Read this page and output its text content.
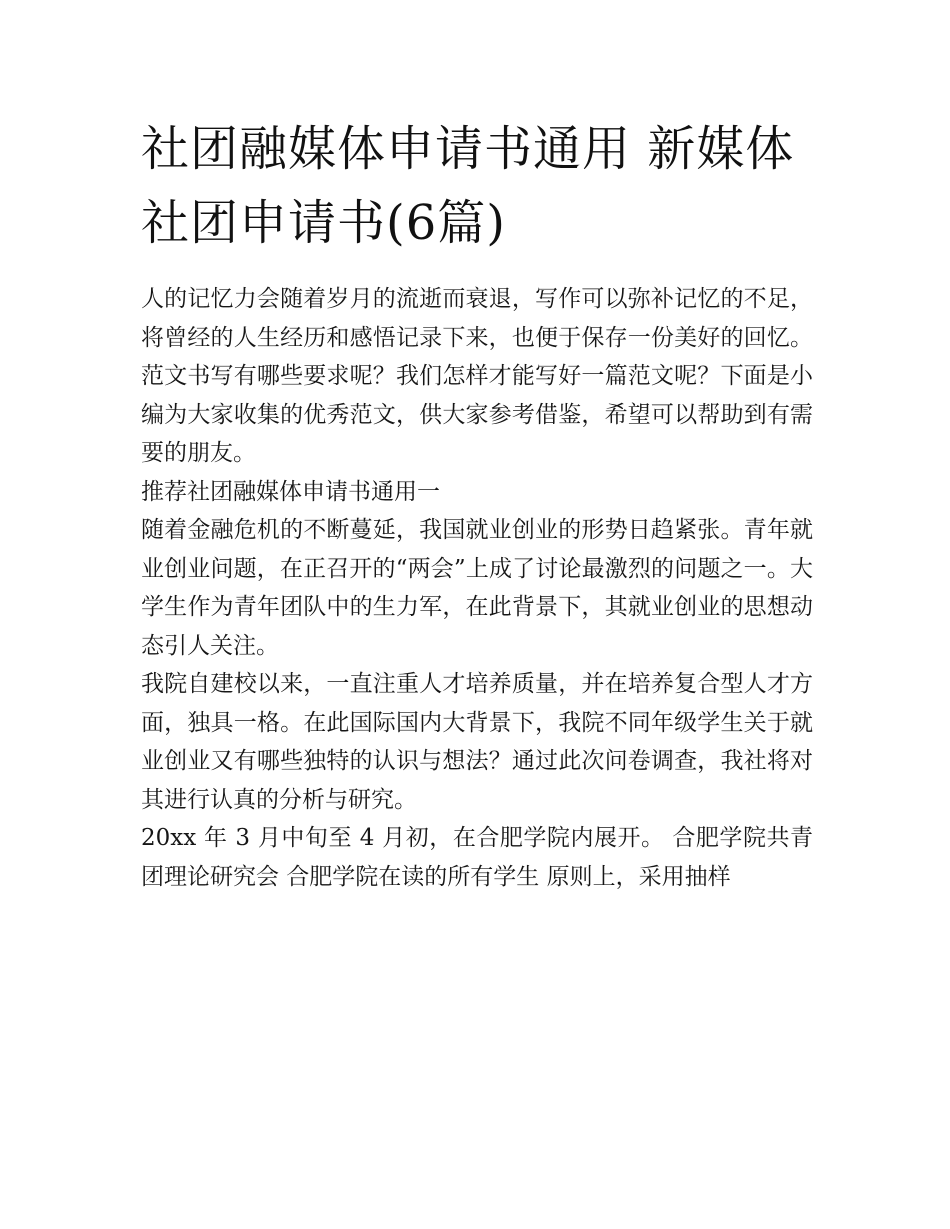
社团融媒体申请书通用 新媒体社团申请书(6篇)

人的记忆力会随着岁月的流逝而衰退，写作可以弥补记忆的不足，将曾经的人生经历和感悟记录下来，也便于保存一份美好的回忆。范文书写有哪些要求呢？我们怎样才能写好一篇范文呢？下面是小编为大家收集的优秀范文，供大家参考借鉴，希望可以帮助到有需要的朋友。

推荐社团融媒体申请书通用一

随着金融危机的不断蔓延，我国就业创业的形势日趋紧张。青年就业创业问题，在正召开的“两会”上成了讨论最激烈的问题之一。大学生作为青年团队中的生力军，在此背景下，其就业创业的思想动态引人关注。

我院自建校以来，一直注重人才培养质量，并在培养复合型人才方面，独具一格。在此国际国内大背景下，我院不同年级学生关于就业创业又有哪些独特的认识与想法？通过此次问卷调查，我社将对其进行认真的分析与研究。

20xx 年 3 月中旬至 4 月初，在合肥学院内展开。 合肥学院共青团理论研究会 合肥学院在读的所有学生 原则上，采用抽样
